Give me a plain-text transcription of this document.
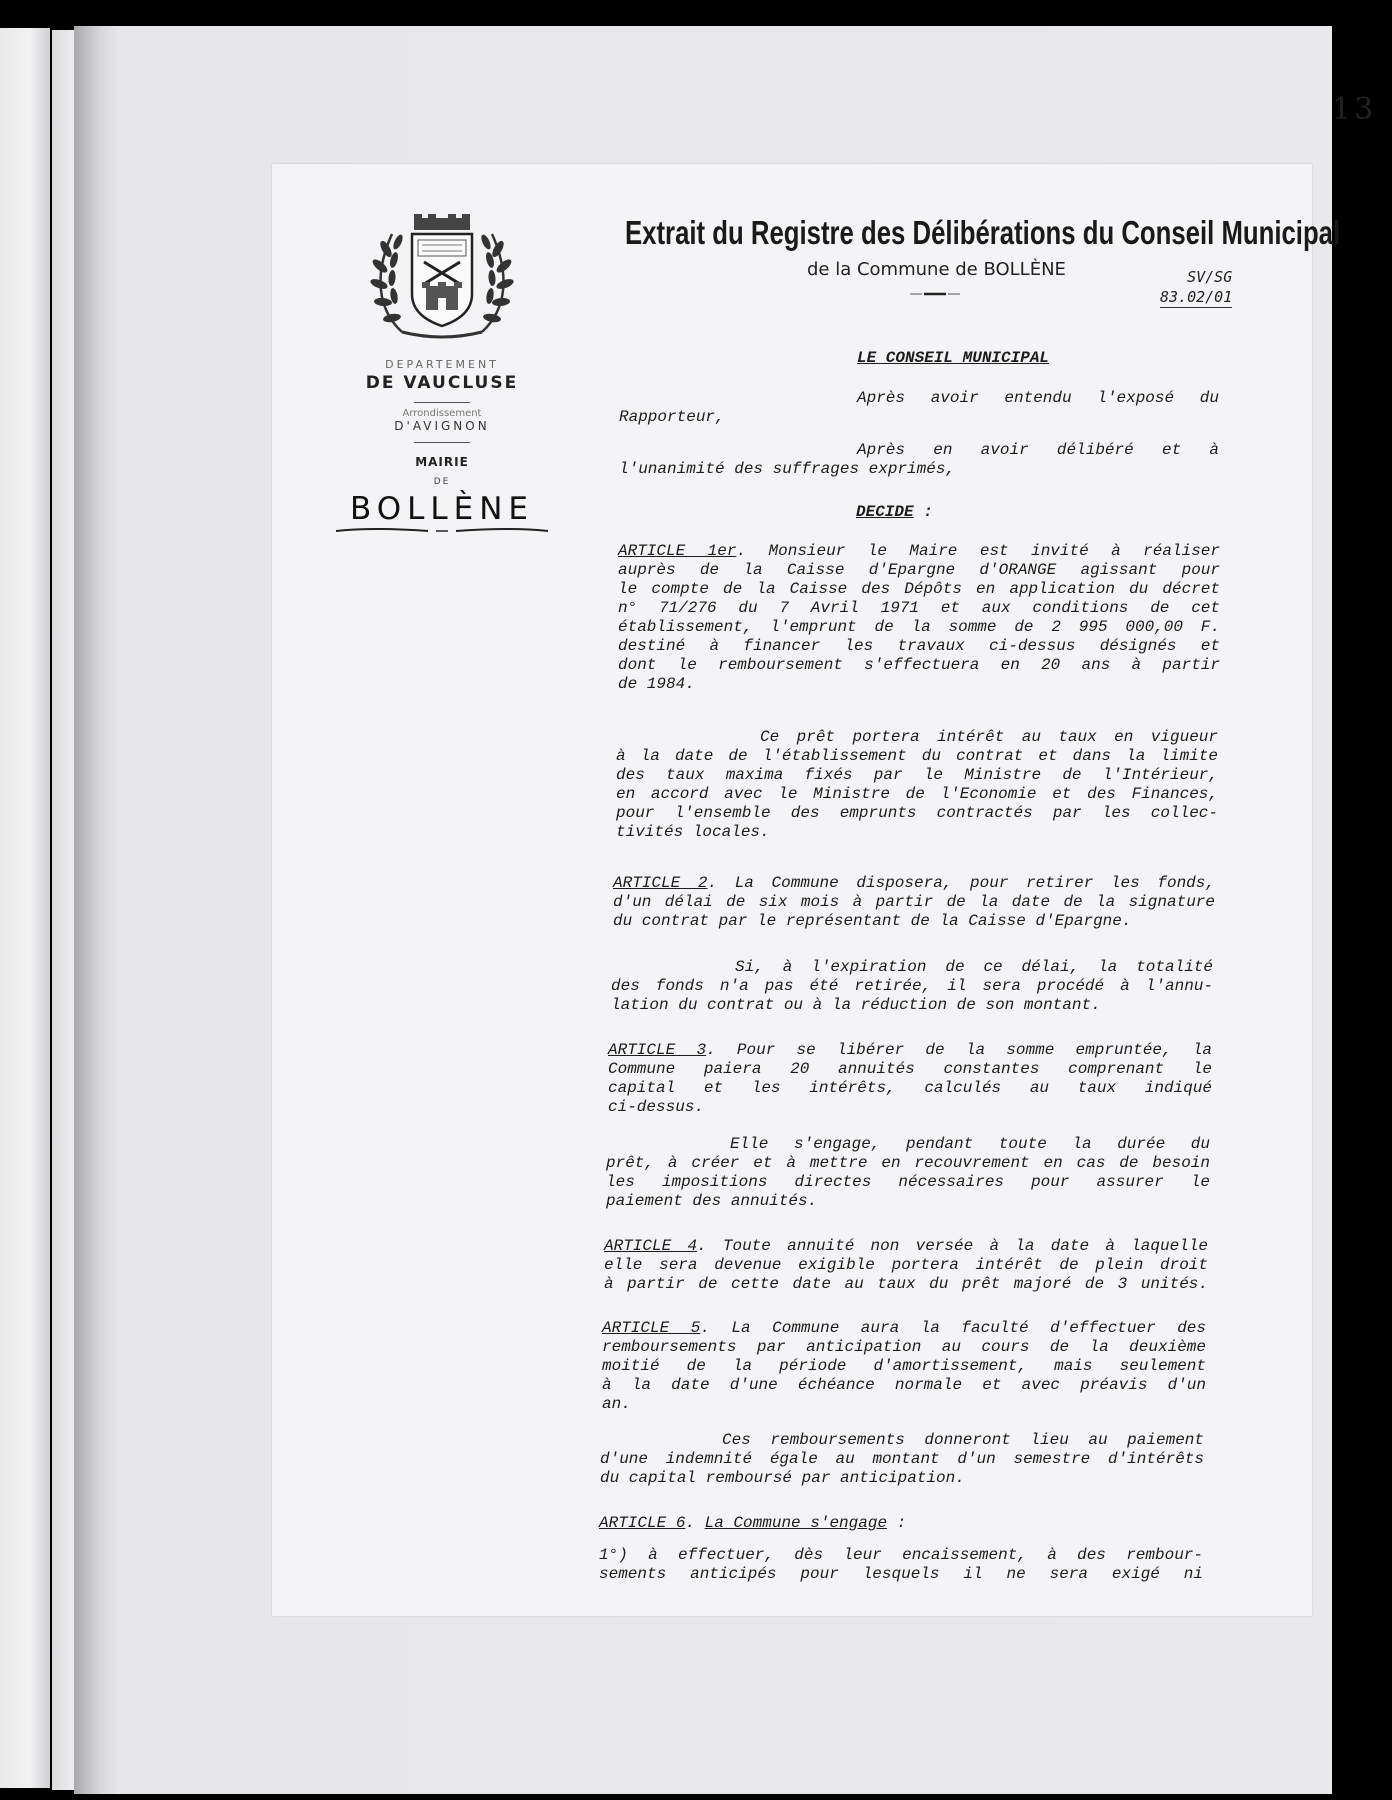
13
DEPARTEMENT
DE VAUCLUSE
Arrondissement
D'AVIGNON
MAIRIE
DE
BOLLÈNE
Extrait du Registre des Délibérations du Conseil Municipal
de la Commune de BOLLÈNE	SV/SG
83.02/01
LE CONSEIL MUNICIPAL
Après avoir entendu l'exposé du
Rapporteur,
Après en avoir délibéré et à
l'unanimité des suffrages exprimés,
DECIDE :
ARTICLE 1er. Monsieur le Maire est invité à réaliser
auprès de la Caisse d'Epargne d'ORANGE agissant pour
le compte de la Caisse des Dépôts en application du décret
n° 71/276 du 7 Avril 1971 et aux conditions de cet
établissement, l'emprunt de la somme de 2 995 000,00 F.
destiné à financer les travaux ci-dessus désignés et
dont le remboursement s'effectuera en 20 ans à partir
de 1984.
Ce prêt portera intérêt au taux en vigueur
à la date de l'établissement du contrat et dans la limite
des taux maxima fixés par le Ministre de l'Intérieur,
en accord avec le Ministre de l'Economie et des Finances,
pour l'ensemble des emprunts contractés par les collec-
tivités locales.
ARTICLE 2. La Commune disposera, pour retirer les fonds,
d'un délai de six mois à partir de la date de la signature
du contrat par le représentant de la Caisse d'Epargne.
Si, à l'expiration de ce délai, la totalité
des fonds n'a pas été retirée, il sera procédé à l'annu-
lation du contrat ou à la réduction de son montant.
ARTICLE 3. Pour se libérer de la somme empruntée, la
Commune paiera 20 annuités constantes comprenant le
capital et les intérêts, calculés au taux indiqué
ci-dessus.
Elle s'engage, pendant toute la durée du
prêt, à créer et à mettre en recouvrement en cas de besoin
les impositions directes nécessaires pour assurer le
paiement des annuités.
ARTICLE 4. Toute annuité non versée à la date à laquelle
elle sera devenue exigible portera intérêt de plein droit
à partir de cette date au taux du prêt majoré de 3 unités.
ARTICLE 5. La Commune aura la faculté d'effectuer des
remboursements par anticipation au cours de la deuxième
moitié de la période d'amortissement, mais seulement
à la date d'une échéance normale et avec préavis d'un
an.
Ces remboursements donneront lieu au paiement
d'une indemnité égale au montant d'un semestre d'intérêts
du capital remboursé par anticipation.
ARTICLE 6. La Commune s'engage :
1°) à effectuer, dès leur encaissement, à des rembour-
sements anticipés pour lesquels il ne sera exigé ni
